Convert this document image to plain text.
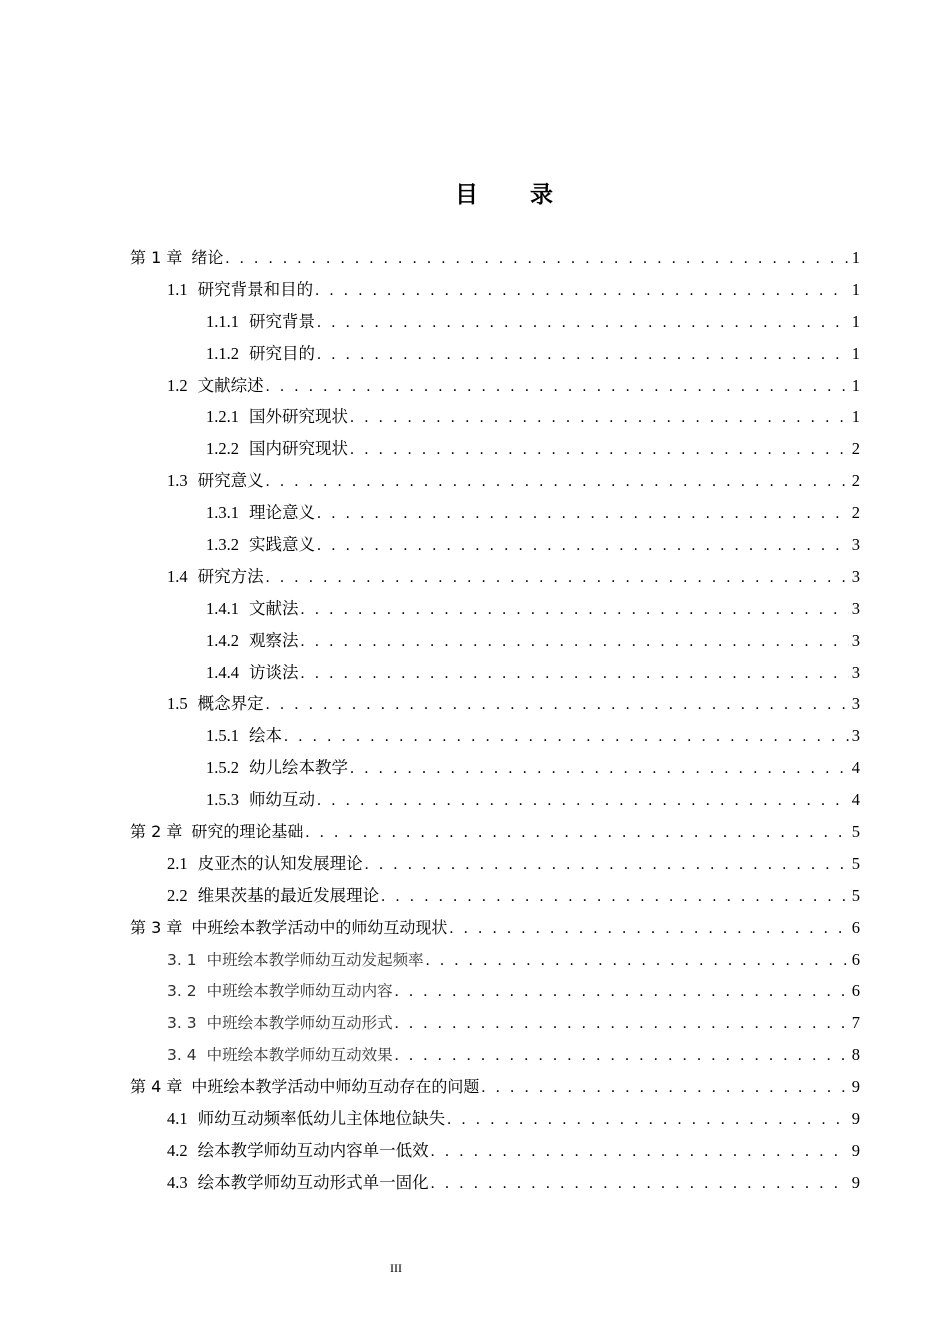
目 录
第 1 章 绪论 . . .	1
1.1 研究背景和目的 . . .	1
1.1.1 研究背景 . . .	1
1.1.2 研究目的 . . .	1
1.2 文献综述 . . .	1
1.2.1 国外研究现状 . . .	1
1.2.2 国内研究现状 . . .	2
1.3 研究意义 . . .	2
1.3.1 理论意义 . . .	2
1.3.2 实践意义 . . .	3
1.4 研究方法 . . .	3
1.4.1 文献法 . . .	3
1.4.2 观察法 . . .	3
1.4.4 访谈法 . . .	3
1.5 概念界定 . . .	3
1.5.1 绘本 . . .	3
1.5.2 幼儿绘本教学 . . .	4
1.5.3 师幼互动 . . .	4
第 2 章 研究的理论基础 . . .	5
2.1 皮亚杰的认知发展理论 . . .	5
2.2 维果茨基的最近发展理论 . . .	5
第 3 章 中班绘本教学活动中的师幼互动现状 . . .	6
3. 1 中班绘本教学师幼互动发起频率 . . .	6
3. 2 中班绘本教学师幼互动内容 . . .	6
3. 3 中班绘本教学师幼互动形式 . . .	7
3. 4 中班绘本教学师幼互动效果 . . .	8
第 4 章 中班绘本教学活动中师幼互动存在的问题 . . .	9
4.1 师幼互动频率低幼儿主体地位缺失 . . .	9
4.2 绘本教学师幼互动内容单一低效 . . .	9
4.3 绘本教学师幼互动形式单一固化 . . .	9
III
